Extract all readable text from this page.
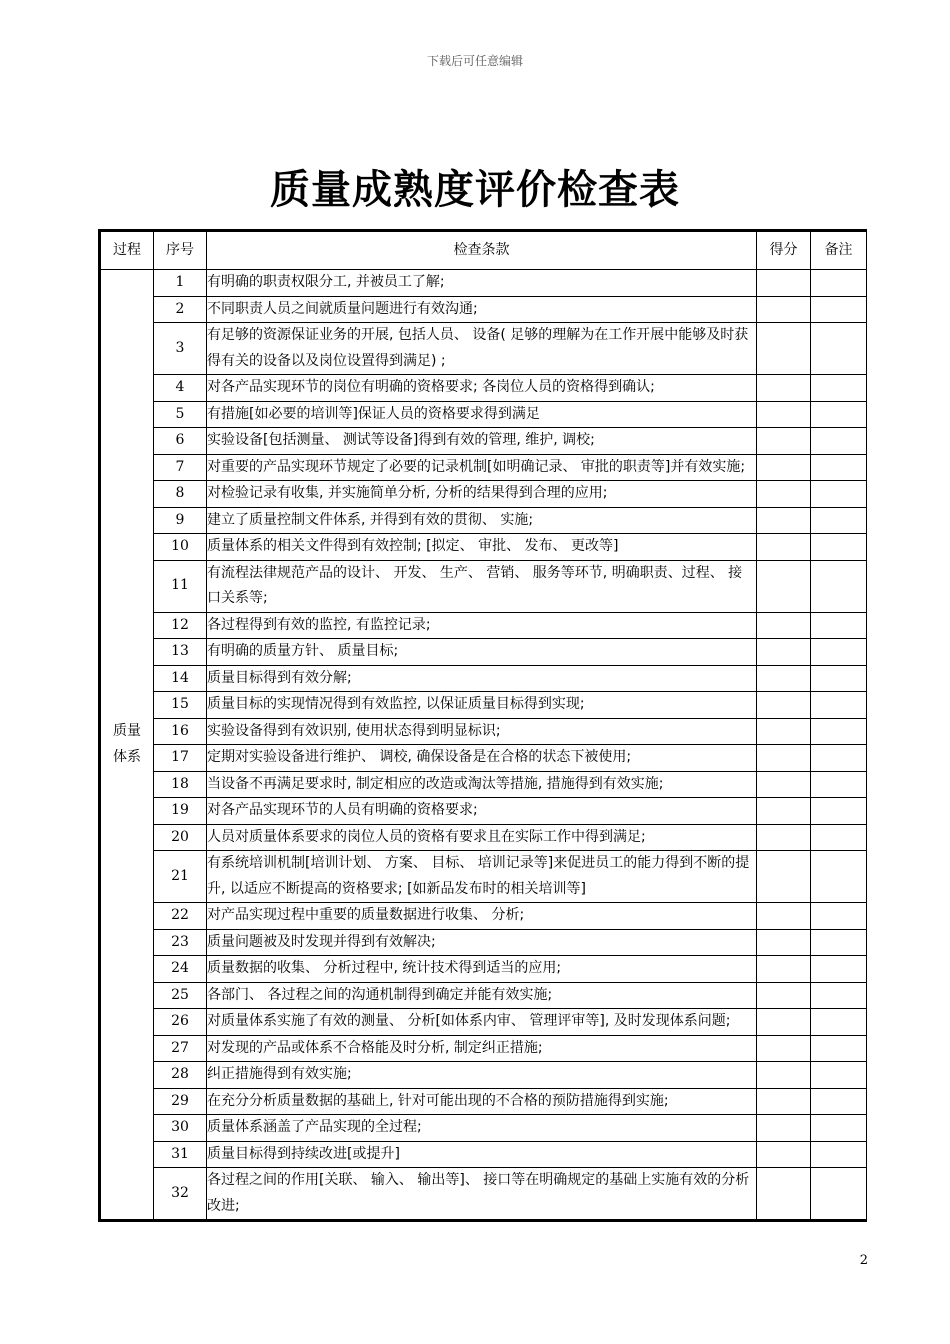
下载后可任意编辑
质量成熟度评价检查表
过程	序号	检查条款	得分	备注

质量
体系	1	有明确的职责权限分工, 并被员工了解;		
	2	不同职责人员之间就质量问题进行有效沟通;		
	3	有足够的资源保证业务的开展, 包括人员、 设备( 足够的理解为在工作开展中能够及时获得有关的设备以及岗位设置得到满足) ;		
	4	对各产品实现环节的岗位有明确的资格要求; 各岗位人员的资格得到确认;		
	5	有措施[如必要的培训等]保证人员的资格要求得到满足		
	6	实验设备[包括测量、 测试等设备]得到有效的管理, 维护, 调校;		
	7	对重要的产品实现环节规定了必要的记录机制[如明确记录、 审批的职责等]并有效实施;		
	8	对检验记录有收集, 并实施简单分析, 分析的结果得到合理的应用;		
	9	建立了质量控制文件体系, 并得到有效的贯彻、 实施;		
	10	质量体系的相关文件得到有效控制; [拟定、 审批、 发布、 更改等]		
	11	有流程法律规范产品的设计、 开发、 生产、 营销、 服务等环节, 明确职责、过程、 接口关系等;		
	12	各过程得到有效的监控, 有监控记录;		
	13	有明确的质量方针、 质量目标;		
	14	质量目标得到有效分解;		
	15	质量目标的实现情况得到有效监控, 以保证质量目标得到实现;		
	16	实验设备得到有效识别, 使用状态得到明显标识;		
	17	定期对实验设备进行维护、 调校, 确保设备是在合格的状态下被使用;		
	18	当设备不再满足要求时, 制定相应的改造或淘汰等措施, 措施得到有效实施;		
	19	对各产品实现环节的人员有明确的资格要求;		
	20	人员对质量体系要求的岗位人员的资格有要求且在实际工作中得到满足;		
	21	有系统培训机制[培训计划、 方案、 目标、 培训记录等]来促进员工的能力得到不断的提升, 以适应不断提高的资格要求; [如新品发布时的相关培训等]		
	22	对产品实现过程中重要的质量数据进行收集、 分析;		
	23	质量问题被及时发现并得到有效解决;		
	24	质量数据的收集、 分析过程中, 统计技术得到适当的应用;		
	25	各部门、 各过程之间的沟通机制得到确定并能有效实施;		
	26	对质量体系实施了有效的测量、 分析[如体系内审、 管理评审等], 及时发现体系问题;		
	27	对发现的产品或体系不合格能及时分析, 制定纠正措施;		
	28	纠正措施得到有效实施;		
	29	在充分分析质量数据的基础上, 针对可能出现的不合格的预防措施得到实施;		
	30	质量体系涵盖了产品实现的全过程;		
	31	质量目标得到持续改进[或提升]		
	32	各过程之间的作用[关联、 输入、 输出等]、 接口等在明确规定的基础上实施有效的分析改进;		
2
